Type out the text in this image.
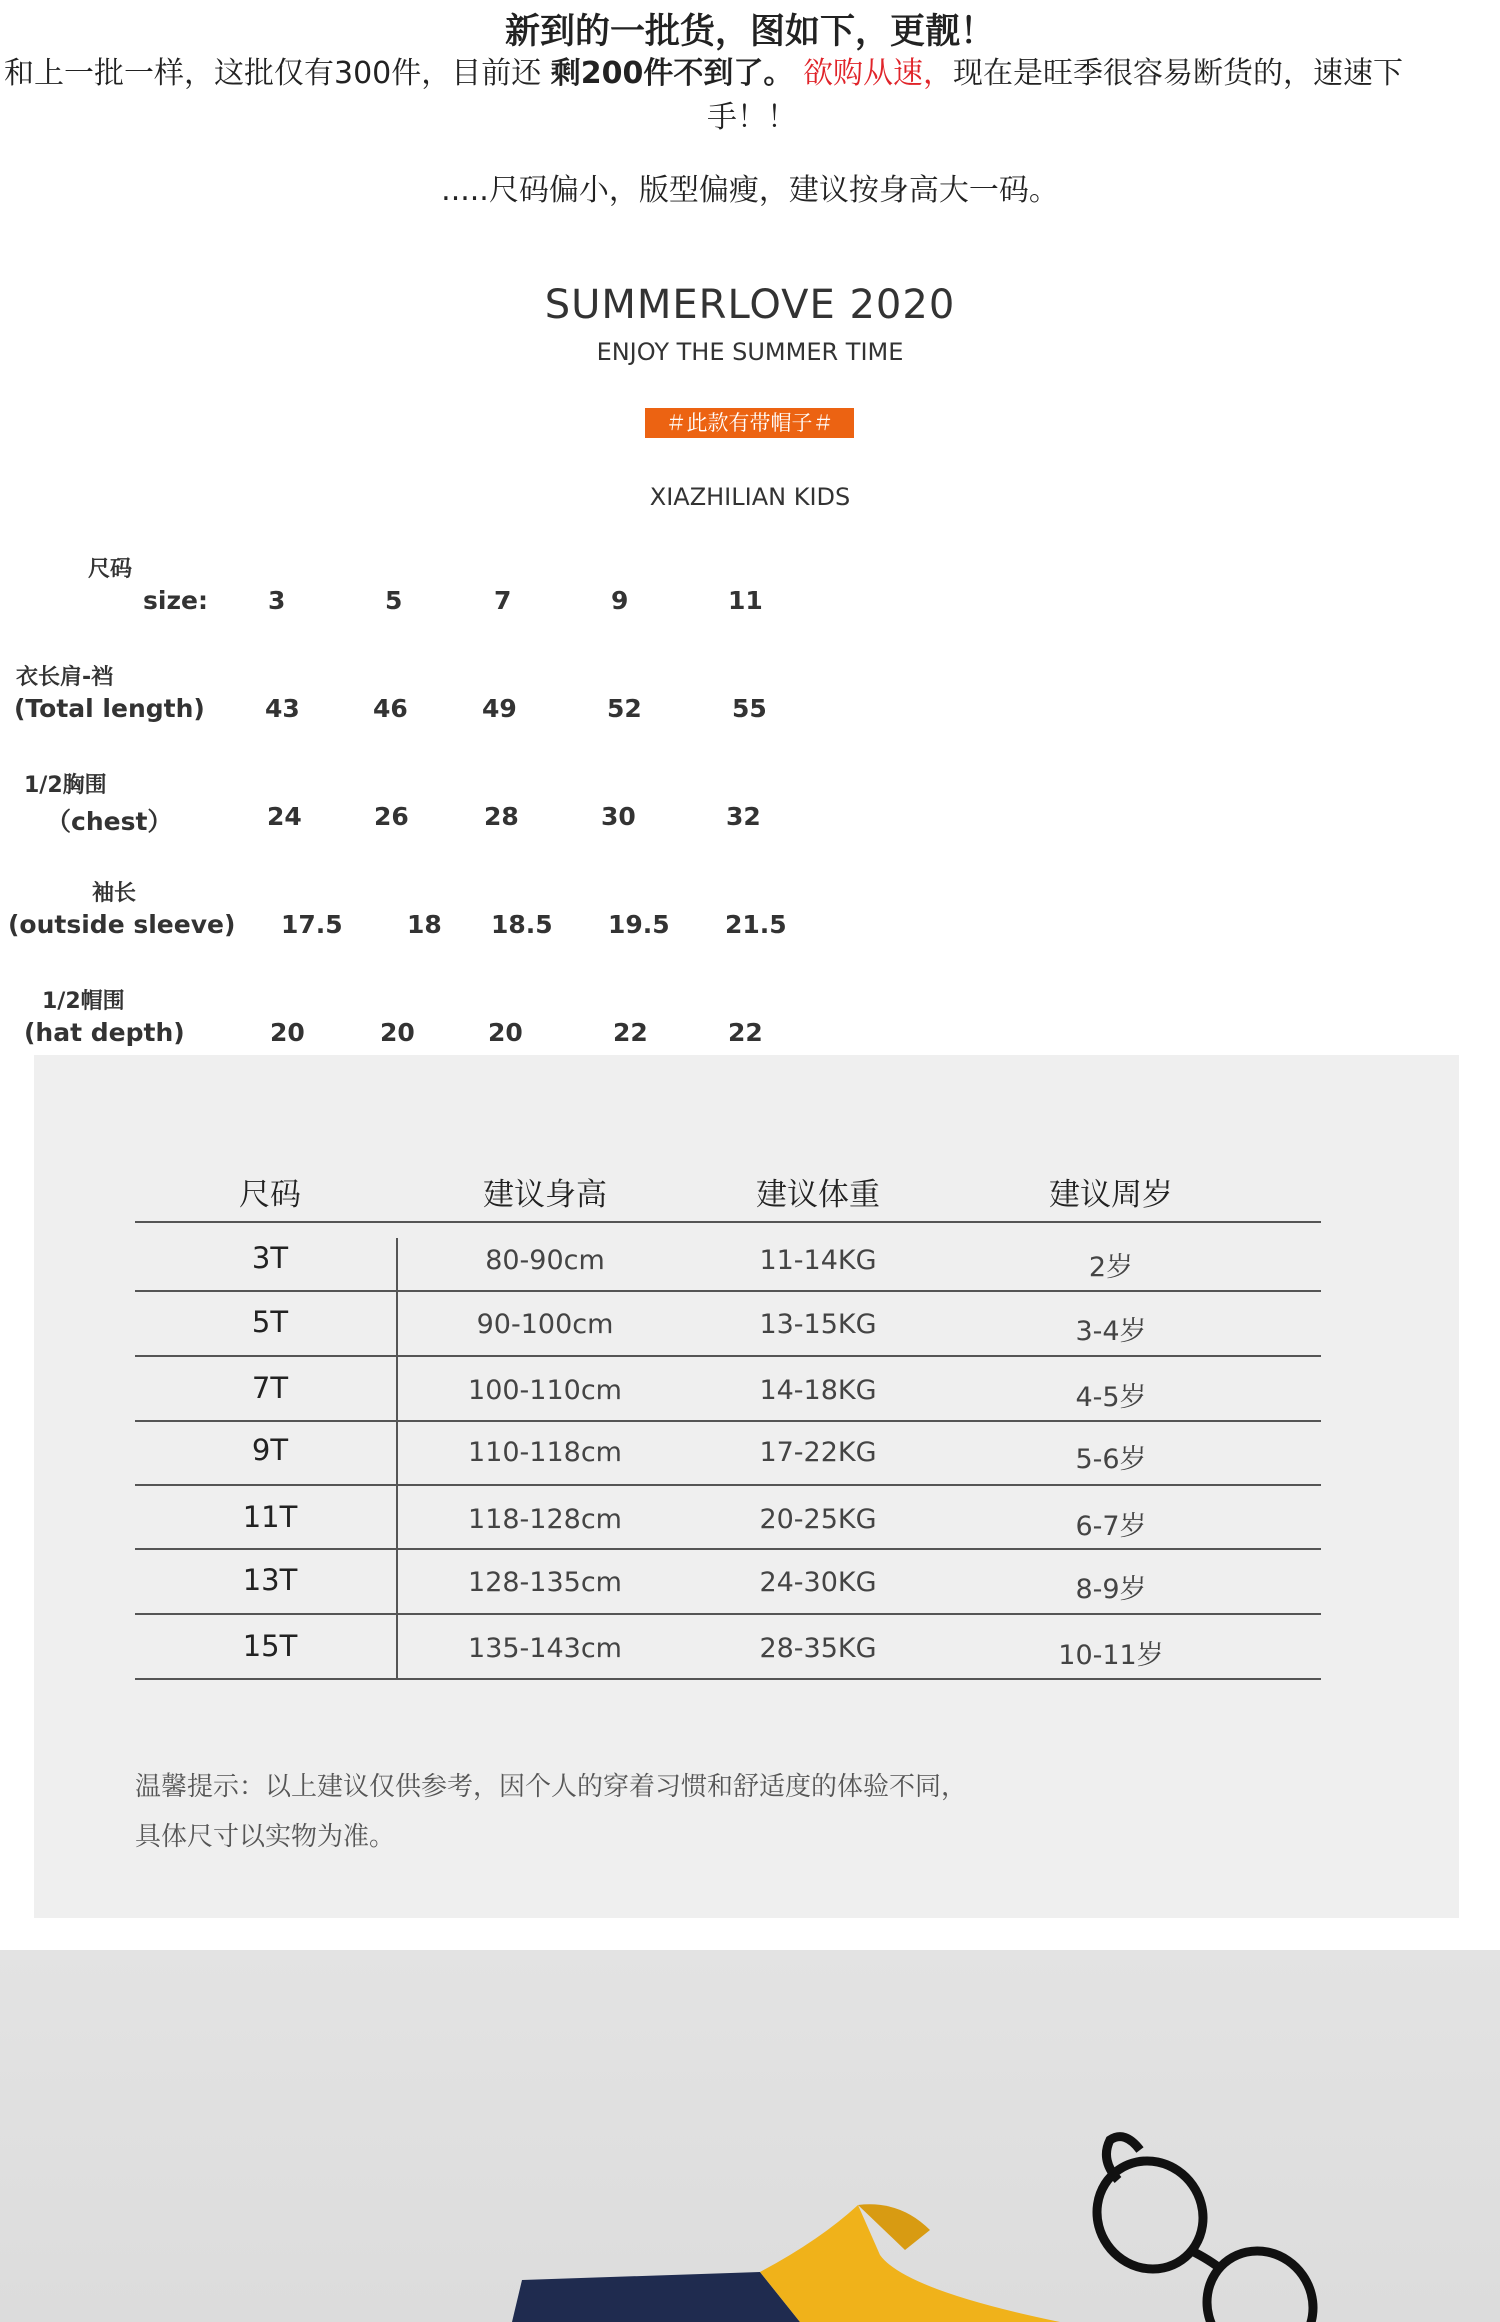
新到的一批货，图如下，更靓！
和上一批一样，这批仅有300件，目前还 剩200件不到了。 欲购从速，现在是旺季很容易断货的，速速下

手！！
.....尺码偏小，版型偏瘦，建议按身高大一码。
SUMMERLOVE 2020
ENJOY THE SUMMER TIME
＃此款有带帽子＃
XIAZHILIAN KIDS
尺码
size: 3	5	7	9	11
衣长肩-裆
(Total length) 43	46	49	52	55
1/2胸围
（chest）	24	26	28	30	32
袖长
(outside sleeve) 17.5	18 18.5 19.5 21.5
1/2帽围
(hat depth)	20	20	20	22	22
尺码	建议身高	建议体重	建议周岁
3T	80-90cm	11-14KG	2岁
5T	90-100cm	13-15KG	3-4岁
7T	100-110cm	14-18KG	4-5岁
9T	110-118cm	17-22KG	5-6岁
11T	118-128cm	20-25KG	6-7岁
13T	128-135cm	24-30KG	8-9岁
15T	135-143cm	28-35KG	10-11岁
温馨提示：以上建议仅供参考，因个人的穿着习惯和舒适度的体验不同，
具体尺寸以实物为准。
